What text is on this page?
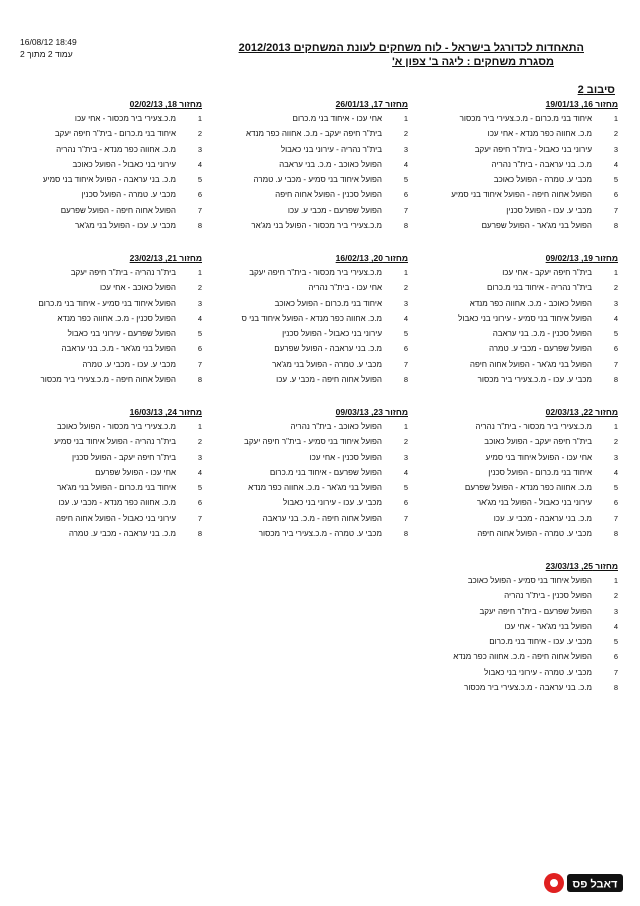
16/08/12 18:49
עמוד 2 מתוך 2	התאחדות לכדורגל בישראל - לוח משחקים לעונת המשחקים 2012/2013
מסגרת משחקים : ליגה ב' צפון א'
סיבוב 2
מחזור 16, 19/01/13
1
איחוד בני מ.כרום - מ.כ.צעירי ביר מכסור
2
מ.כ. אחווה כפר מנדא - אחי עכו
3
עירוני בני כאבול - בית"ר חיפה יעקב
4
מ.כ. בני עראבה - בית"ר נהריה
5
מכבי ע. טמרה - הפועל כאוכב
6
הפועל אחוה חיפה - הפועל איחוד בני סמיע
7
מכבי ע. עכו - הפועל סכנין
8
הפועל בני מג'אר - הפועל שפרעם
מחזור 17, 26/01/13
1
אחי עכו - איחוד בני מ.כרום
2
בית"ר חיפה יעקב - מ.כ. אחווה כפר מנדא
3
בית"ר נהריה - עירוני בני כאבול
4
הפועל כאוכב - מ.כ. בני עראבה
5
הפועל איחוד בני סמיע - מכבי ע. טמרה
6
הפועל סכנין - הפועל אחוה חיפה
7
הפועל שפרעם - מכבי ע. עכו
8
מ.כ.צעירי ביר מכסור - הפועל בני מג'אר
מחזור 18, 02/02/13
1
מ.כ.צעירי ביר מכסור - אחי עכו
2
איחוד בני מ.כרום - בית"ר חיפה יעקב
3
מ.כ. אחווה כפר מנדא - בית"ר נהריה
4
עירוני בני כאבול - הפועל כאוכב
5
מ.כ. בני עראבה - הפועל איחוד בני סמיע
6
מכבי ע. טמרה - הפועל סכנין
7
הפועל אחוה חיפה - הפועל שפרעם
8
מכבי ע. עכו - הפועל בני מג'אר
מחזור 19, 09/02/13
1
בית"ר חיפה יעקב - אחי עכו
2
בית"ר נהריה - איחוד בני מ.כרום
3
הפועל כאוכב - מ.כ. אחווה כפר מנדא
4
הפועל איחוד בני סמיע - עירוני בני כאבול
5
הפועל סכנין - מ.כ. בני עראבה
6
הפועל שפרעם - מכבי ע. טמרה
7
הפועל בני מג'אר - הפועל אחוה חיפה
8
מכבי ע. עכו - מ.כ.צעירי ביר מכסור
מחזור 20, 16/02/13
1
מ.כ.צעירי ביר מכסור - בית"ר חיפה יעקב
2
אחי עכו - בית"ר נהריה
3
איחוד בני מ.כרום - הפועל כאוכב
4
מ.כ. אחווה כפר מנדא - הפועל איחוד בני ס
5
עירוני בני כאבול - הפועל סכנין
6
מ.כ. בני עראבה - הפועל שפרעם
7
מכבי ע. טמרה - הפועל בני מג'אר
8
הפועל אחוה חיפה - מכבי ע. עכו
מחזור 21, 23/02/13
1
בית"ר נהריה - בית"ר חיפה יעקב
2
הפועל כאוכב - אחי עכו
3
הפועל איחוד בני סמיע - איחוד בני מ.כרום
4
הפועל סכנין - מ.כ. אחווה כפר מנדא
5
הפועל שפרעם - עירוני בני כאבול
6
הפועל בני מג'אר - מ.כ. בני עראבה
7
מכבי ע. עכו - מכבי ע. טמרה
8
הפועל אחוה חיפה - מ.כ.צעירי ביר מכסור
מחזור 22, 02/03/13
1
מ.כ.צעירי ביר מכסור - בית"ר נהריה
2
בית"ר חיפה יעקב - הפועל כאוכב
3
אחי עכו - הפועל איחוד בני סמיע
4
איחוד בני מ.כרום - הפועל סכנין
5
מ.כ. אחווה כפר מנדא - הפועל שפרעם
6
עירוני בני כאבול - הפועל בני מג'אר
7
מ.כ. בני עראבה - מכבי ע. עכו
8
מכבי ע. טמרה - הפועל אחוה חיפה
מחזור 23, 09/03/13
1
הפועל כאוכב - בית"ר נהריה
2
הפועל איחוד בני סמיע - בית"ר חיפה יעקב
3
הפועל סכנין - אחי עכו
4
הפועל שפרעם - איחוד בני מ.כרום
5
הפועל בני מג'אר - מ.כ. אחווה כפר מנדא
6
מכבי ע. עכו - עירוני בני כאבול
7
הפועל אחוה חיפה - מ.כ. בני עראבה
8
מכבי ע. טמרה - מ.כ.צעירי ביר מכסור
מחזור 24, 16/03/13
1
מ.כ.צעירי ביר מכסור - הפועל כאוכב
2
בית"ר נהריה - הפועל איחוד בני סמיע
3
בית"ר חיפה יעקב - הפועל סכנין
4
אחי עכו - הפועל שפרעם
5
איחוד בני מ.כרום - הפועל בני מג'אר
6
מ.כ. אחווה כפר מנדא - מכבי ע. עכו
7
עירוני בני כאבול - הפועל אחוה חיפה
8
מ.כ. בני עראבה - מכבי ע. טמרה
מחזור 25, 23/03/13
1
הפועל איחוד בני סמיע - הפועל כאוכב
2
הפועל סכנין - בית"ר נהריה
3
הפועל שפרעם - בית"ר חיפה יעקב
4
הפועל בני מג'אר - אחי עכו
5
מכבי ע. עכו - איחוד בני מ.כרום
6
הפועל אחוה חיפה - מ.כ. אחווה כפר מנדא
7
מכבי ע. טמרה - עירוני בני כאבול
8
מ.כ. בני עראבה - מ.כ.צעירי ביר מכסור
דאבל פס
